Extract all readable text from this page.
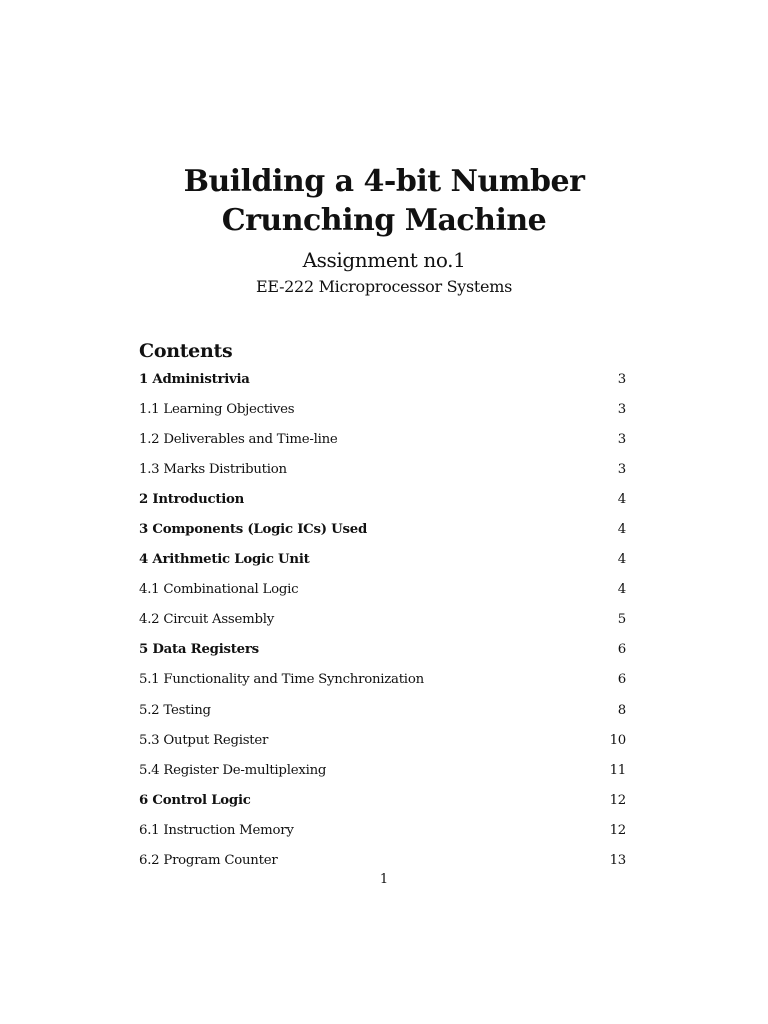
Building a 4-bit Number
Crunching Machine
Assignment no.1
EE-222 Microprocessor Systems
Contents
1 Administrivia	3
1.1 Learning Objectives	3
1.2 Deliverables and Time-line	3
1.3 Marks Distribution	3
2 Introduction	4
3 Components (Logic ICs) Used	4
4 Arithmetic Logic Unit	4
4.1 Combinational Logic	4
4.2 Circuit Assembly	5
5 Data Registers	6
5.1 Functionality and Time Synchronization	6
5.2 Testing	8
5.3 Output Register	10
5.4 Register De-multiplexing	11
6 Control Logic	12
6.1 Instruction Memory	12
6.2 Program Counter	13
1
